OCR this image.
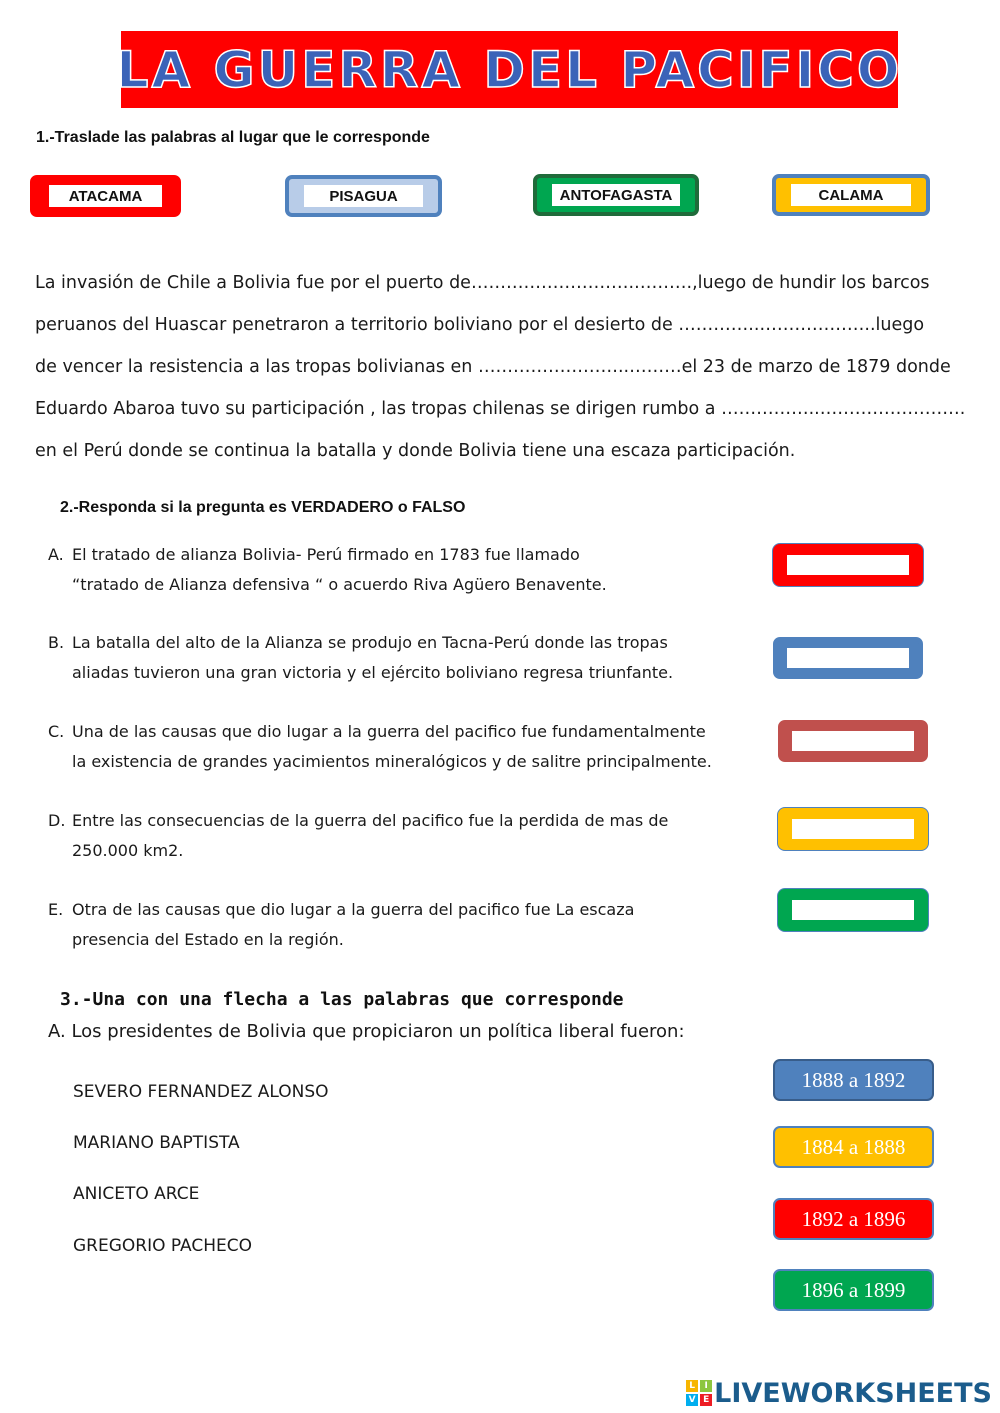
LA GUERRA DEL PACIFICO
1.-Traslade las palabras al lugar que le corresponde
ATACAMA	PISAGUA	ANTOFAGASTA	CALAMA
La invasión de Chile a Bolivia fue por el puerto de……………………….……….,luego de hundir los barcos
peruanos del Huascar penetraron a territorio boliviano por el desierto de …………..………………..luego
de vencer la resistencia a las tropas bolivianas en ……………………..………el 23 de marzo de 1879 donde
Eduardo Abaroa tuvo su participación , las tropas chilenas se dirigen rumbo a ……………..…………………….
en el Perú donde se continua la batalla y donde Bolivia tiene una escaza participación.
2.-Responda si la pregunta es VERDADERO o FALSO
A. El tratado de alianza Bolivia- Perú firmado en 1783 fue llamado
“tratado de Alianza defensiva “ o acuerdo Riva Agüero Benavente.
B. La batalla del alto de la Alianza se produjo en Tacna-Perú donde las tropas
aliadas tuvieron una gran victoria y el ejército boliviano regresa triunfante.
C. Una de las causas que dio lugar a la guerra del pacifico fue fundamentalmente
la existencia de grandes yacimientos mineralógicos y de salitre principalmente.
D. Entre las consecuencias de la guerra del pacifico fue la perdida de mas de
250.000 km2.
E. Otra de las causas que dio lugar a la guerra del pacifico fue La escaza
presencia del Estado en la región.
3.-Una con una flecha a las palabras que corresponde
A. Los presidentes de Bolivia que propiciaron un política liberal fueron:
SEVERO FERNANDEZ ALONSO
MARIANO BAPTISTA
ANICETO ARCE
GREGORIO PACHECO
1888 a 1892
1884 a 1888
1892 a 1896
1896 a 1899
L	I
V E LIVEWORKSHEETS
